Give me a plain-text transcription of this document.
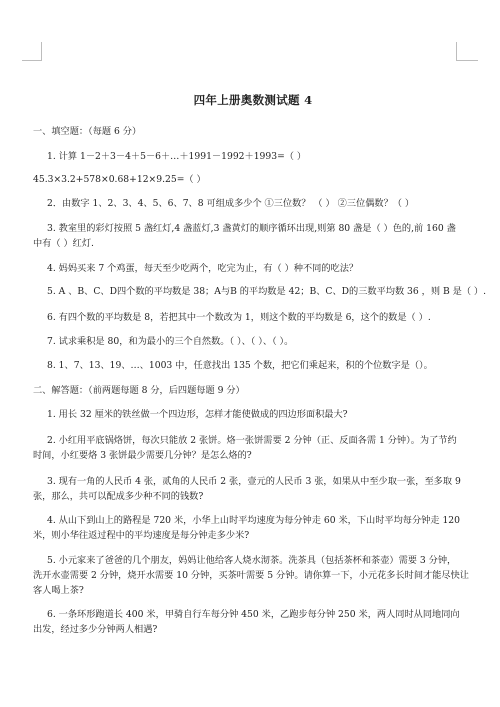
四年上册奥数测试题 4
一、填空题：（每题 6 分）
1. 计算 1－2＋3－4＋5－6＋…＋1991－1992＋1993=（ ）
45.3×3.2+578×0.68+12×9.25=（ ）
2．由数字 1、2、3、4、5、6、7、8 可组成多少个 ①三位数？ （ ） ②三位偶数？（ ）
3. 教室里的彩灯按照 5 盏红灯,4 盏蓝灯,3 盏黄灯的顺序循环出现,则第 80 盏是（ ）色的,前 160 盏
中有（ ）红灯.
4. 妈妈买来 7 个鸡蛋，每天至少吃两个，吃完为止，有（ ）种不同的吃法？
5. A 、B、C、D四个数的平均数是 38；A与B 的平均数是 42；B、C、D的三数平均数 36 ，则 B 是（ ）.
6. 有四个数的平均数是 8，若把其中一个数改为 1，则这个数的平均数是 6，这个的数是（ ）.
7. 试求乘积是 80，和为最小的三个自然数。（ ）、（ ）、（ ）。
8. 1、7、13、19、…、1003 中，任意找出 135 个数，把它们乘起来，积的个位数字是（）。
二、解答题：（前两题每题 8 分，后四题每题 9 分）
1. 用长 32 厘米的铁丝做一个四边形，怎样才能使做成的四边形面积最大?
2. 小红用平底锅烙饼，每次只能放 2 张饼。烙一张饼需要 2 分钟（正、反面各需 1 分钟）。为了节约
时间，小红要烙 3 张饼最少需要几分钟？是怎么烙的?
3. 现有一角的人民币 4 张，贰角的人民币 2 张，壹元的人民币 3 张，如果从中至少取一张，至多取 9
张，那么，共可以配成多少种不同的钱数?
4. 从山下到山上的路程是 720 米，小华上山时平均速度为每分钟走 60 米，下山时平均每分钟走 120
米，则小华往返过程中的平均速度是每分钟走多少米?
5. 小元家来了爸爸的几个朋友，妈妈让他给客人烧水沏茶。洗茶具（包括茶杯和茶壶）需要 3 分钟，
洗开水壶需要 2 分钟，烧开水需要 10 分钟，买茶叶需要 5 分钟。请你算一下，小元花多长时间才能尽快让
客人喝上茶?
6. 一条环形跑道长 400 米，甲骑自行车每分钟 450 米，乙跑步每分钟 250 米，两人同时从同地同向
出发，经过多少分钟两人相遇?
